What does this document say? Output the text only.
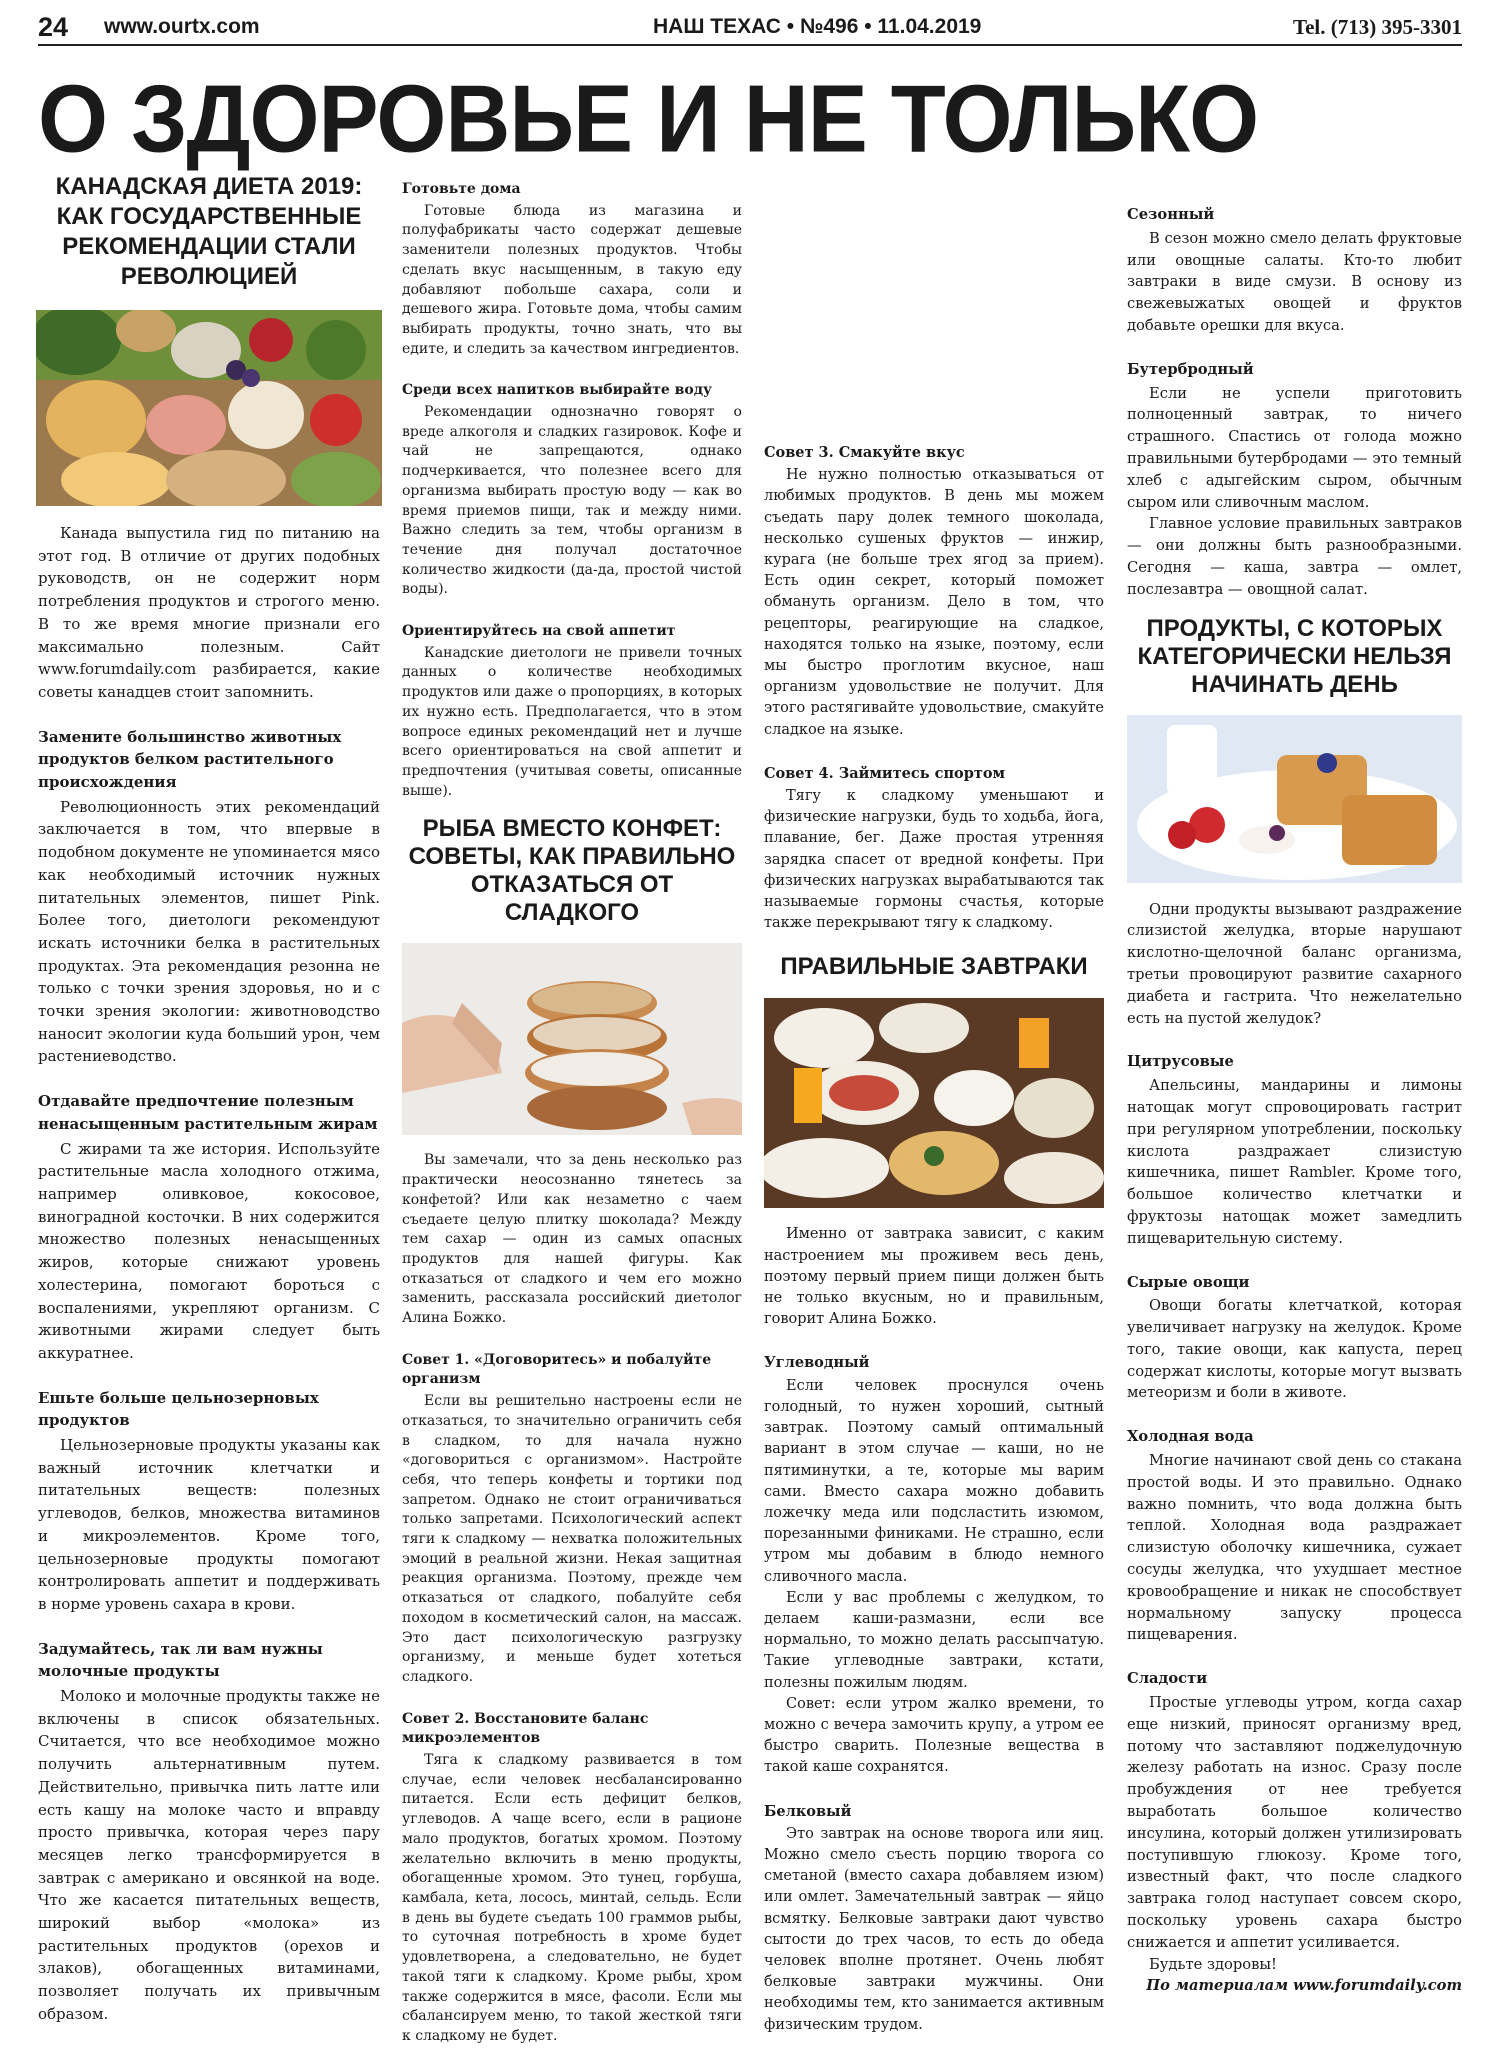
24 www.ourtx.com	НАШ ТЕХАС • №496 • 11.04.2019	Tel. (713) 395-3301
О ЗДОРОВЬЕ И НЕ ТОЛЬКО
КАНАДСКАЯ ДИЕТА 2019: КАК ГОСУДАРСТВЕННЫЕ РЕКОМЕНДАЦИИ СТАЛИ РЕВОЛЮЦИЕЙ

Канада выпустила гид по питанию на этот год. В отличие от других подобных руководств, он не содержит норм потребления продуктов и строгого меню. В то же время многие признали его максимально полезным. Сайт www.forumdaily.com разбирается, какие советы канадцев стоит запомнить.

Замените большинство животных продуктов белком растительного происхождения

Революционность этих рекомендаций заключается в том, что впервые в подобном документе не упоминается мясо как необходимый источник нужных питательных элементов, пишет Pink. Более того, диетологи рекомендуют искать источники белка в растительных продуктах. Эта рекомендация резонна не только с точки зрения здоровья, но и с точки зрения экологии: животноводство наносит экологии куда больший урон, чем растениеводство.

Отдавайте предпочтение полезным ненасыщенным растительным жирам

С жирами та же история. Используйте растительные масла холодного отжима, например оливковое, кокосовое, виноградной косточки. В них содержится множество полезных ненасыщенных жиров, которые снижают уровень холестерина, помогают бороться с воспалениями, укрепляют организм. С животными жирами следует быть аккуратнее.

Ешьте больше цельнозерновых продуктов

Цельнозерновые продукты указаны как важный источник клетчатки и питательных веществ: полезных углеводов, белков, множества витаминов и микроэлементов. Кроме того, цельнозерновые продукты помогают контролировать аппетит и поддерживать в норме уровень сахара в крови.

Задумайтесь, так ли вам нужны молочные продукты

Молоко и молочные продукты также не включены в список обязательных. Считается, что все необходимое можно получить альтернативным путем. Действительно, привычка пить латте или есть кашу на молоке часто и вправду просто привычка, которая через пару месяцев легко трансформируется в завтрак с американо и овсянкой на воде. Что же касается питательных веществ, широкий выбор «молока» из растительных продуктов (орехов и злаков), обогащенных витаминами, позволяет получать их привычным образом.

Готовьте дома

Готовые блюда из магазина и полуфабрикаты часто содержат дешевые заменители полезных продуктов. Чтобы сделать вкус насыщенным, в такую еду добавляют побольше сахара, соли и дешевого жира. Готовьте дома, чтобы самим выбирать продукты, точно знать, что вы едите, и следить за качеством ингредиентов.

Среди всех напитков выбирайте воду

Рекомендации однозначно говорят о вреде алкоголя и сладких газировок. Кофе и чай не запрещаются, однако подчеркивается, что полезнее всего для организма выбирать простую воду — как во время приемов пищи, так и между ними. Важно следить за тем, чтобы организм в течение дня получал достаточное количество жидкости (да-да, простой чистой воды).

Ориентируйтесь на свой аппетит

Канадские диетологи не привели точных данных о количестве необходимых продуктов или даже о пропорциях, в которых их нужно есть. Предполагается, что в этом вопросе единых рекомендаций нет и лучше всего ориентироваться на свой аппетит и предпочтения (учитывая советы, описанные выше).

РЫБА ВМЕСТО КОНФЕТ: СОВЕТЫ, КАК ПРАВИЛЬНО ОТКАЗАТЬСЯ ОТ СЛАДКОГО

Вы замечали, что за день несколько раз практически неосознанно тянетесь за конфетой? Или как незаметно с чаем съедаете целую плитку шоколада? Между тем сахар — один из самых опасных продуктов для нашей фигуры. Как отказаться от сладкого и чем его можно заменить, рассказала российский диетолог Алина Божко.

Совет 1. «Договоритесь» и побалуйте организм

Если вы решительно настроены если не отказаться, то значительно ограничить себя в сладком, то для начала нужно «договориться с организмом». Настройте себя, что теперь конфеты и тортики под запретом. Однако не стоит ограничиваться только запретами. Психологический аспект тяги к сладкому — нехватка положительных эмоций в реальной жизни. Некая защитная реакция организма. Поэтому, прежде чем отказаться от сладкого, побалуйте себя походом в косметический салон, на массаж. Это даст психологическую разгрузку организму, и меньше будет хотеться сладкого.

Совет 2. Восстановите баланс микроэлементов

Тяга к сладкому развивается в том случае, если человек несбалансированно питается. Если есть дефицит белков, углеводов. А чаще всего, если в рационе мало продуктов, богатых хромом. Поэтому желательно включить в меню продукты, обогащенные хромом. Это тунец, горбуша, камбала, кета, лосось, минтай, сельдь. Если в день вы будете съедать 100 граммов рыбы, то суточная потребность в хроме будет удовлетворена, а следовательно, не будет такой тяги к сладкому. Кроме рыбы, хром также содержится в мясе, фасоли. Если мы сбалансируем меню, то такой жесткой тяги к сладкому не будет.

Совет 3. Смакуйте вкус

Не нужно полностью отказываться от любимых продуктов. В день мы можем съедать пару долек темного шоколада, несколько сушеных фруктов — инжир, курага (не больше трех ягод за прием). Есть один секрет, который поможет обмануть организм. Дело в том, что рецепторы, реагирующие на сладкое, находятся только на языке, поэтому, если мы быстро проглотим вкусное, наш организм удовольствие не получит. Для этого растягивайте удовольствие, смакуйте сладкое на языке.

Совет 4. Займитесь спортом

Тягу к сладкому уменьшают и физические нагрузки, будь то ходьба, йога, плавание, бег. Даже простая утренняя зарядка спасет от вредной конфеты. При физических нагрузках вырабатываются так называемые гормоны счастья, которые также перекрывают тягу к сладкому.

ПРАВИЛЬНЫЕ ЗАВТРАКИ

Именно от завтрака зависит, с каким настроением мы проживем весь день, поэтому первый прием пищи должен быть не только вкусным, но и правильным, говорит Алина Божко.

Углеводный

Если человек проснулся очень голодный, то нужен хороший, сытный завтрак. Поэтому самый оптимальный вариант в этом случае — каши, но не пятиминутки, а те, которые мы варим сами. Вместо сахара можно добавить ложечку меда или подсластить изюмом, порезанными финиками. Не страшно, если утром мы добавим в блюдо немного сливочного масла.

Если у вас проблемы с желудком, то делаем каши-размазни, если все нормально, то можно делать рассыпчатую. Такие углеводные завтраки, кстати, полезны пожилым людям.

Совет: если утром жалко времени, то можно с вечера замочить крупу, а утром ее быстро сварить. Полезные вещества в такой каше сохранятся.

Белковый

Это завтрак на основе творога или яиц. Можно смело съесть порцию творога со сметаной (вместо сахара добавляем изюм) или омлет. Замечательный завтрак — яйцо всмятку. Белковые завтраки дают чувство сытости до трех часов, то есть до обеда человек вполне протянет. Очень любят белковые завтраки мужчины. Они необходимы тем, кто занимается активным физическим трудом.

Сезонный

В сезон можно смело делать фруктовые или овощные салаты. Кто-то любит завтраки в виде смузи. В основу из свежевыжатых овощей и фруктов добавьте орешки для вкуса.

Бутербродный

Если не успели приготовить полноценный завтрак, то ничего страшного. Спастись от голода можно правильными бутербродами — это темный хлеб с адыгейским сыром, обычным сыром или сливочным маслом.

Главное условие правильных завтраков — они должны быть разнообразными. Сегодня — каша, завтра — омлет, послезавтра — овощной салат.

ПРОДУКТЫ, С КОТОРЫХ КАТЕГОРИЧЕСКИ НЕЛЬЗЯ НАЧИНАТЬ ДЕНЬ

Одни продукты вызывают раздражение слизистой желудка, вторые нарушают кислотно-щелочной баланс организма, третьи провоцируют развитие сахарного диабета и гастрита. Что нежелательно есть на пустой желудок?

Цитрусовые

Апельсины, мандарины и лимоны натощак могут спровоцировать гастрит при регулярном употреблении, поскольку кислота раздражает слизистую кишечника, пишет Rambler. Кроме того, большое количество клетчатки и фруктозы натощак может замедлить пищеварительную систему.

Сырые овощи

Овощи богаты клетчаткой, которая увеличивает нагрузку на желудок. Кроме того, такие овощи, как капуста, перец содержат кислоты, которые могут вызвать метеоризм и боли в животе.

Холодная вода

Многие начинают свой день со стакана простой воды. И это правильно. Однако важно помнить, что вода должна быть теплой. Холодная вода раздражает слизистую оболочку кишечника, сужает сосуды желудка, что ухудшает местное кровообращение и никак не способствует нормальному запуску процесса пищеварения.

Сладости

Простые углеводы утром, когда сахар еще низкий, приносят организму вред, потому что заставляют поджелудочную железу работать на износ. Сразу после пробуждения от нее требуется выработать большое количество инсулина, который должен утилизировать поступившую глюкозу. Кроме того, известный факт, что после сладкого завтрака голод наступает совсем скоро, поскольку уровень сахара быстро снижается и аппетит усиливается.

Будьте здоровы!

По материалам www.forumdaily.com
